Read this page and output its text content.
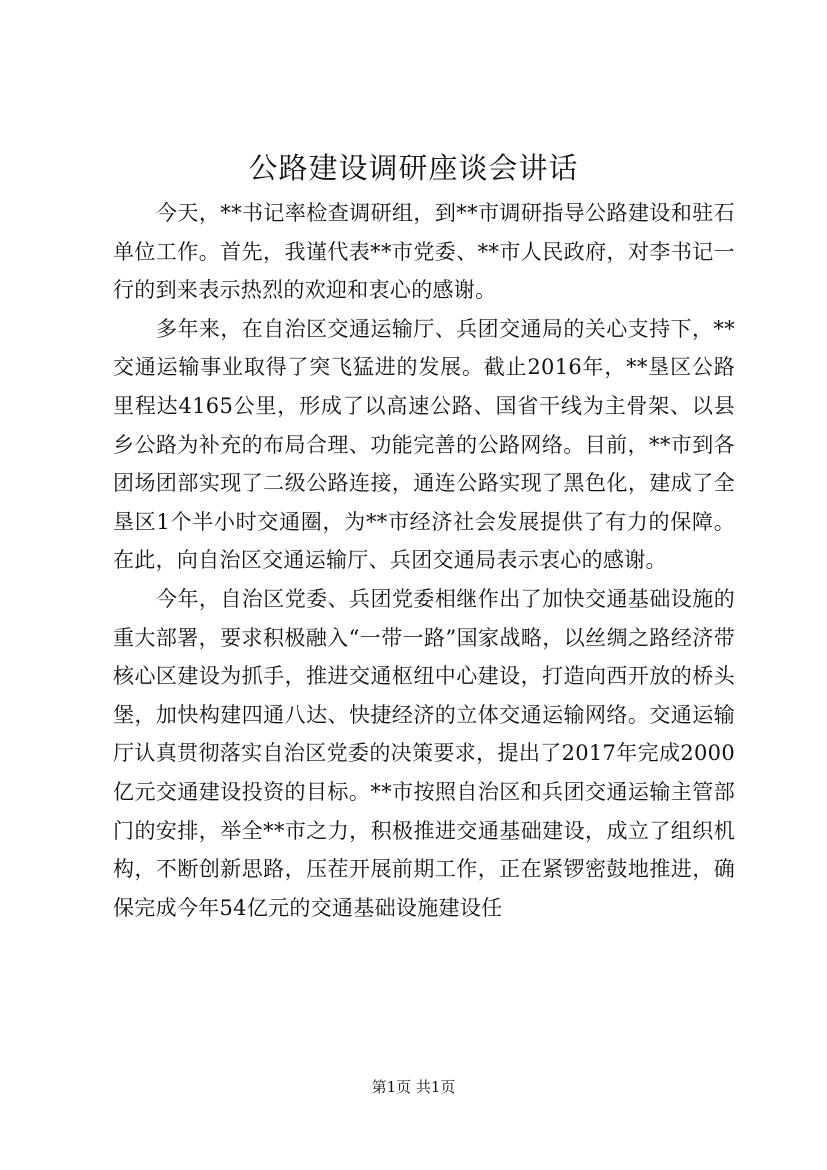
公路建设调研座谈会讲话

今天，**书记率检查调研组，到**市调研指导公路建设和驻石单位工作。首先，我谨代表**市党委、**市人民政府，对李书记一行的到来表示热烈的欢迎和衷心的感谢。

多年来，在自治区交通运输厅、兵团交通局的关心支持下，**交通运输事业取得了突飞猛进的发展。截止2016年，**垦区公路里程达4165公里，形成了以高速公路、国省干线为主骨架、以县乡公路为补充的布局合理、功能完善的公路网络。目前，**市到各团场团部实现了二级公路连接，通连公路实现了黑色化，建成了全垦区1个半小时交通圈，为**市经济社会发展提供了有力的保障。在此，向自治区交通运输厅、兵团交通局表示衷心的感谢。

今年，自治区党委、兵团党委相继作出了加快交通基础设施的重大部署，要求积极融入“一带一路”国家战略，以丝绸之路经济带核心区建设为抓手，推进交通枢纽中心建设，打造向西开放的桥头堡，加快构建四通八达、快捷经济的立体交通运输网络。交通运输厅认真贯彻落实自治区党委的决策要求，提出了2017年完成2000亿元交通建设投资的目标。**市按照自治区和兵团交通运输主管部门的安排，举全**市之力，积极推进交通基础建设，成立了组织机构，不断创新思路，压茬开展前期工作，正在紧锣密鼓地推进，确保完成今年54亿元的交通基础设施建设任

第1页 共1页
